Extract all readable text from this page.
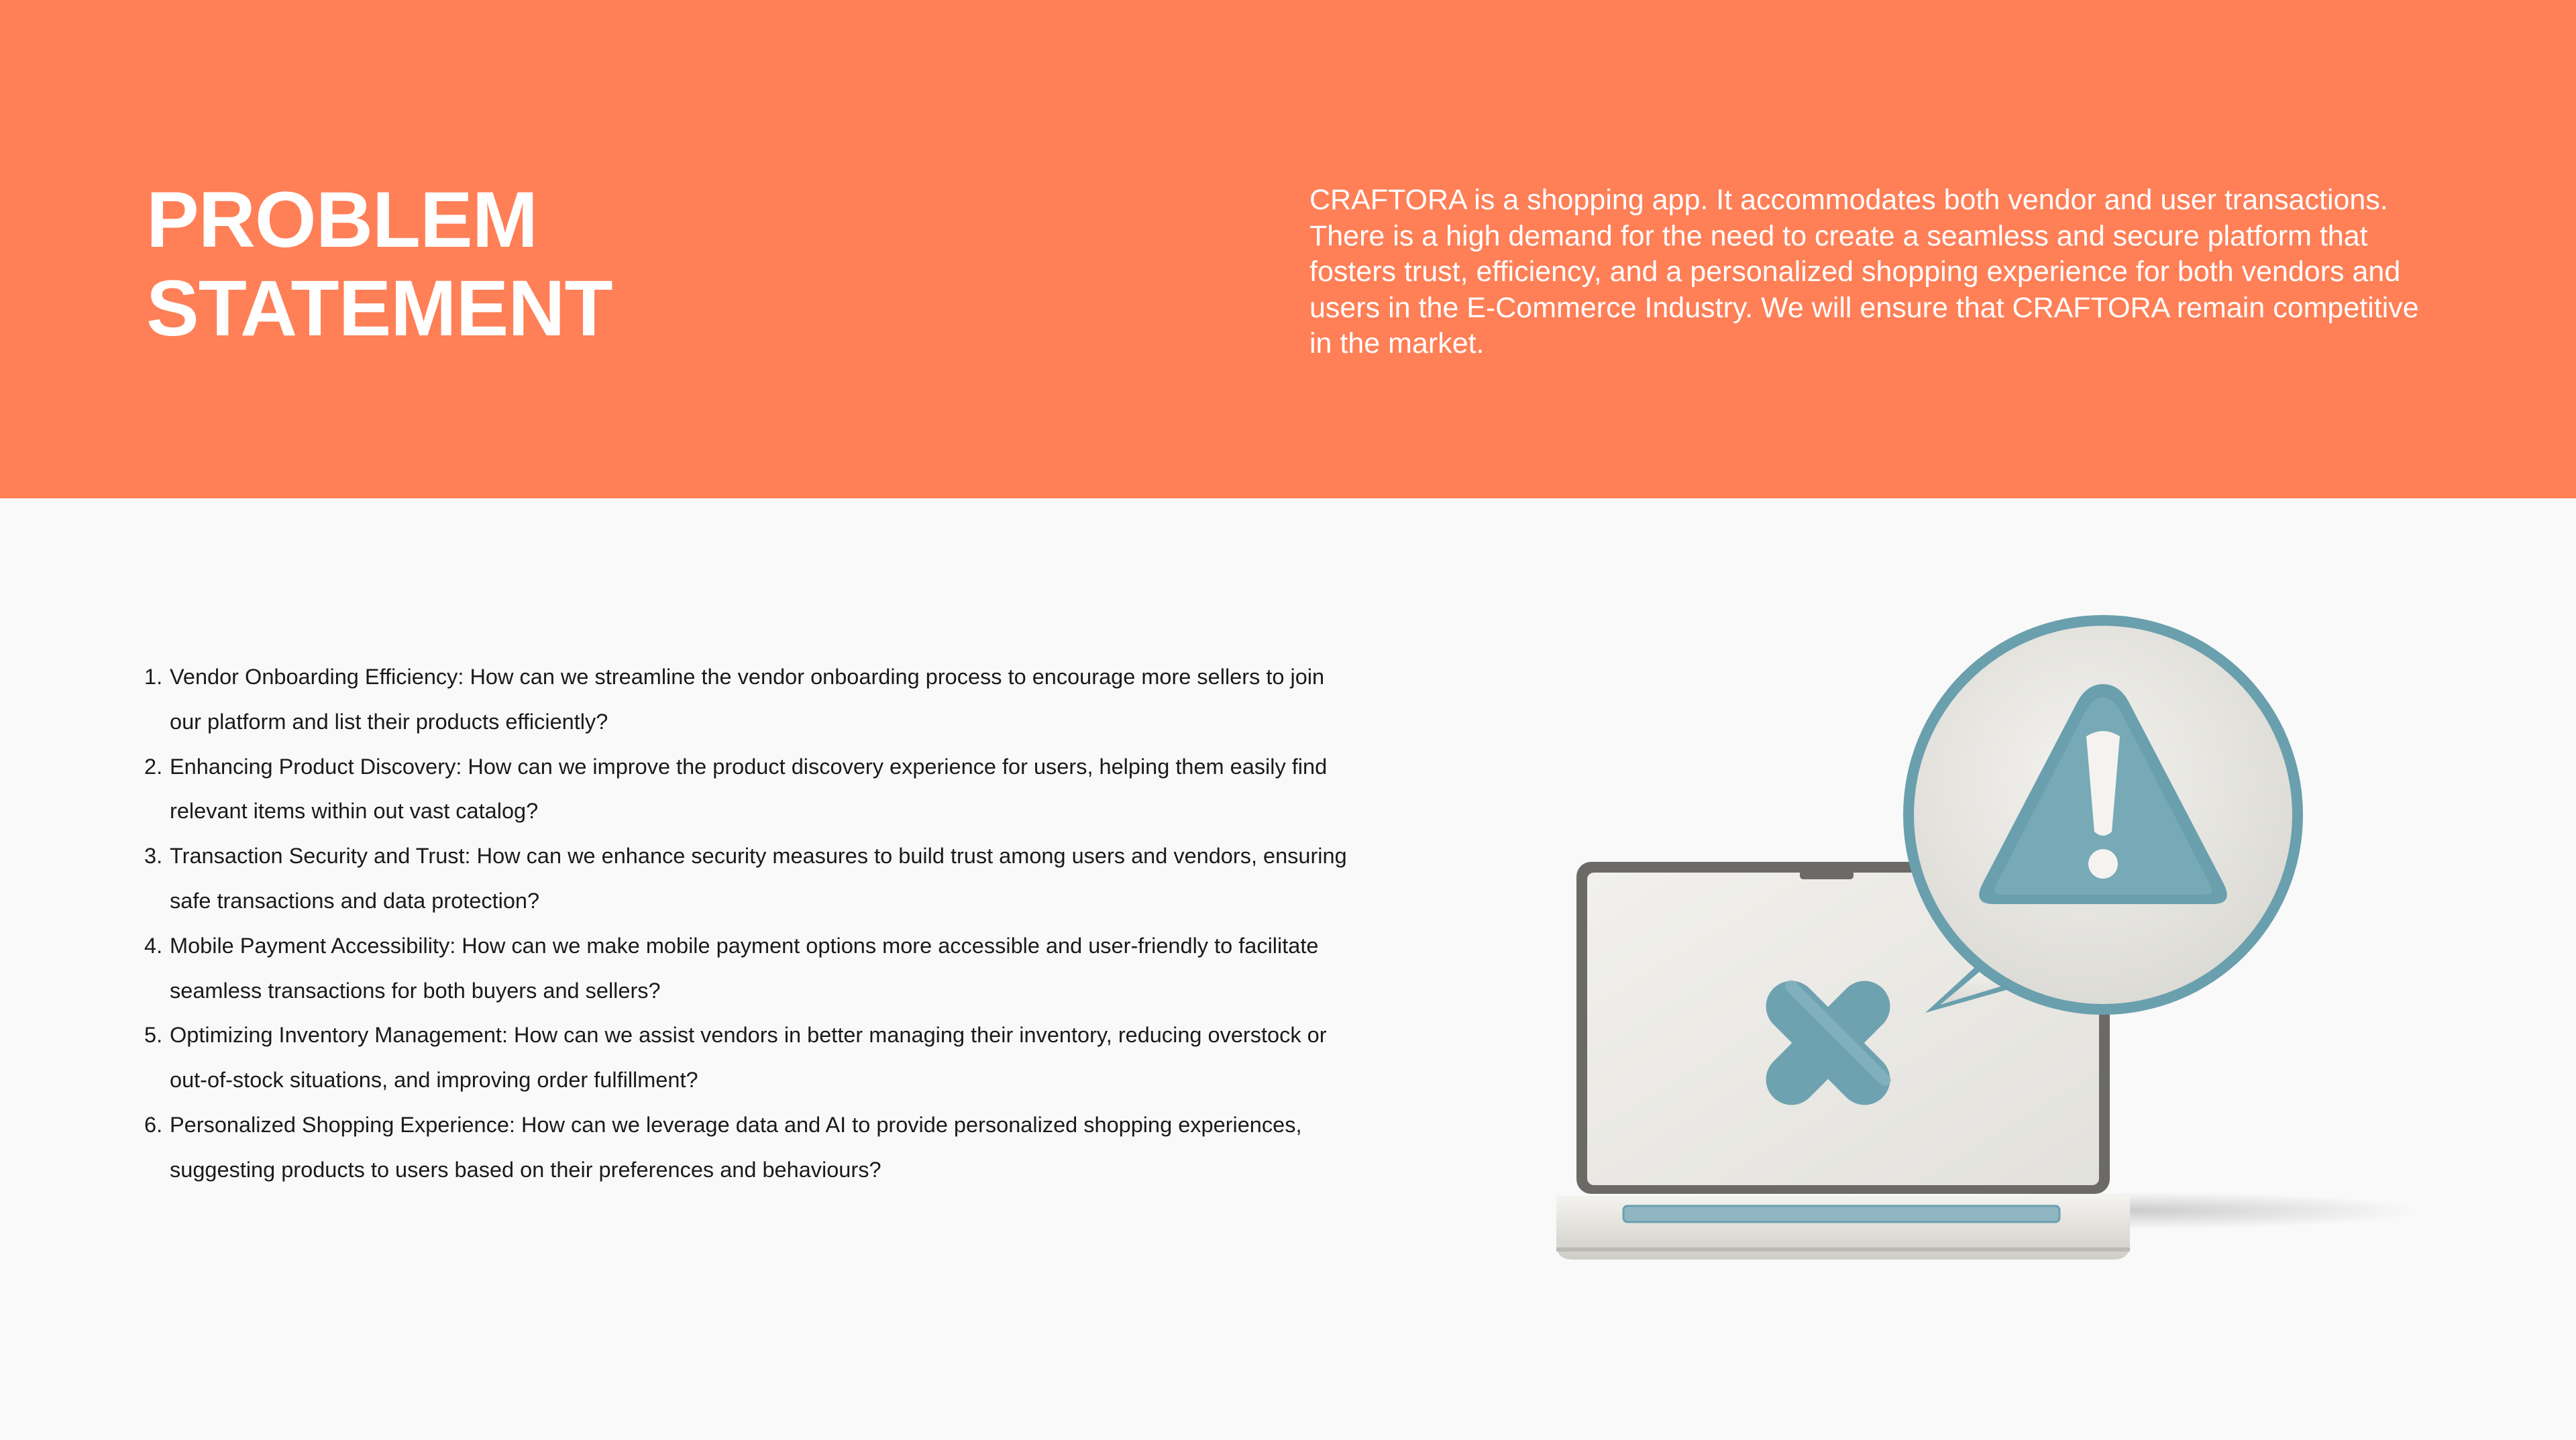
PROBLEM
STATEMENT

CRAFTORA is a shopping app. It accommodates both vendor and user transactions. There is a high demand for the need to create a seamless and secure platform that fosters trust, efficiency, and a personalized shopping experience for both vendors and users in the E-Commerce Industry. We will ensure that CRAFTORA remain competitive in the market.

1. Vendor Onboarding Efficiency: How can we streamline the vendor onboarding process to encourage more sellers to join our platform and list their products efficiently?
2. Enhancing Product Discovery: How can we improve the product discovery experience for users, helping them easily find relevant items within out vast catalog?
3. Transaction Security and Trust: How can we enhance security measures to build trust among users and vendors, ensuring safe transactions and data protection?
4. Mobile Payment Accessibility: How can we make mobile payment options more accessible and user-friendly to facilitate seamless transactions for both buyers and sellers?
5. Optimizing Inventory Management: How can we assist vendors in better managing their inventory, reducing overstock or out-of-stock situations, and improving order fulfillment?
6. Personalized Shopping Experience: How can we leverage data and AI to provide personalized shopping experiences, suggesting products to users based on their preferences and behaviours?
